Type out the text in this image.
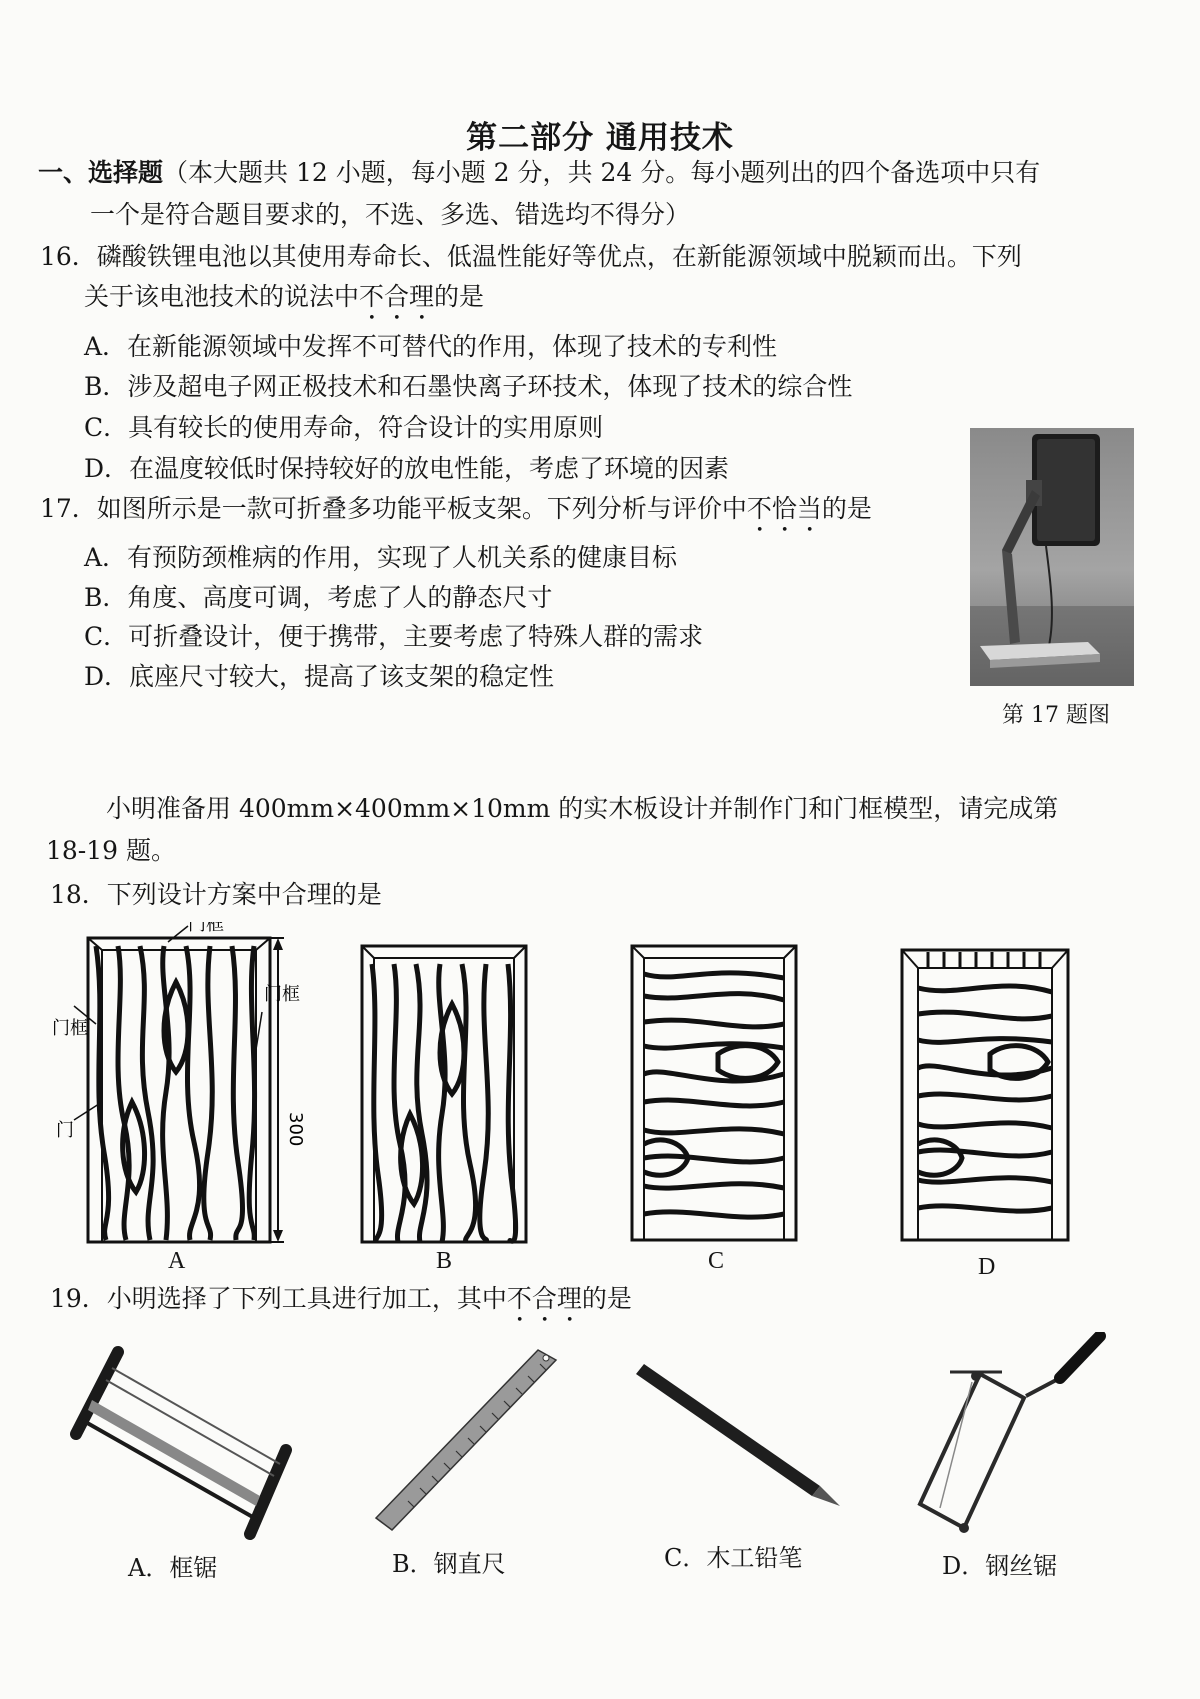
第二部分 通用技术
一、选择题（本大题共 12 小题，每小题 2 分，共 24 分。每小题列出的四个备选项中只有
一个是符合题目要求的，不选、多选、错选均不得分）
16．磷酸铁锂电池以其使用寿命长、低温性能好等优点，在新能源领域中脱颖而出。下列
关于该电池技术的说法中不合理的是
A．在新能源领域中发挥不可替代的作用，体现了技术的专利性
B．涉及超电子网正极技术和石墨快离子环技术，体现了技术的综合性
C．具有较长的使用寿命，符合设计的实用原则
D．在温度较低时保持较好的放电性能，考虑了环境的因素
17．如图所示是一款可折叠多功能平板支架。下列分析与评价中不恰当的是
A．有预防颈椎病的作用，实现了人机关系的健康目标
B．角度、高度可调，考虑了人的静态尺寸
C．可折叠设计，便于携带，主要考虑了特殊人群的需求
D．底座尺寸较大，提高了该支架的稳定性
第 17 题图
小明准备用 400mm×400mm×10mm 的实木板设计并制作门和门框模型，请完成第
18-19 题。
18．下列设计方案中合理的是
门框
门框
门框
门	300
A	B	C	D
19．小明选择了下列工具进行加工，其中不合理的是
A．框锯	B．钢直尺	C．木工铅笔	D．钢丝锯
